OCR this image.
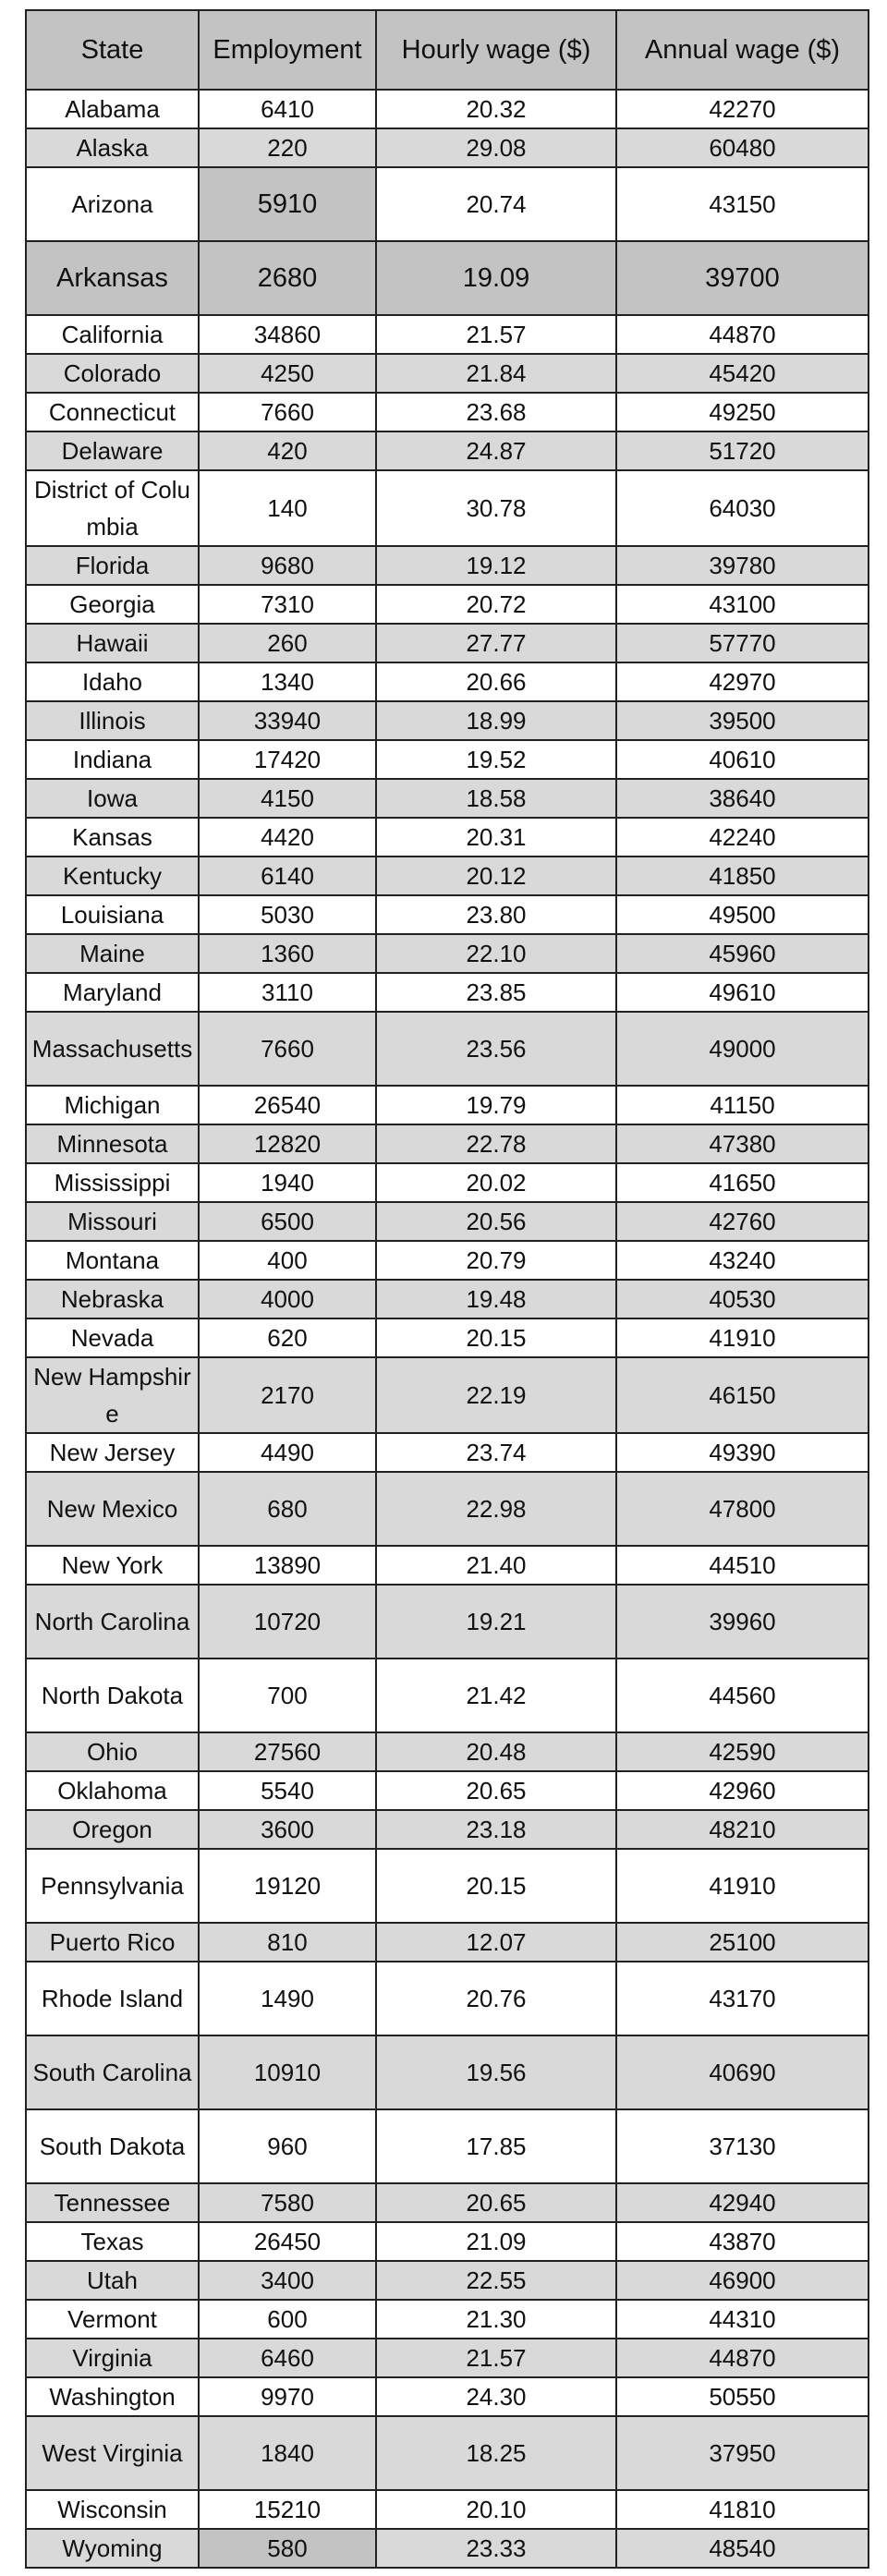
State	Employment	Hourly wage ($)	Annual wage ($)
Alabama	6410	20.32	42270
Alaska	220	29.08	60480
Arizona	5910	20.74	43150
Arkansas	2680	19.09	39700
California	34860	21.57	44870
Colorado	4250	21.84	45420
Connecticut	7660	23.68	49250
Delaware	420	24.87	51720
District of Columbia	140	30.78	64030
Florida	9680	19.12	39780
Georgia	7310	20.72	43100
Hawaii	260	27.77	57770
Idaho	1340	20.66	42970
Illinois	33940	18.99	39500
Indiana	17420	19.52	40610
Iowa	4150	18.58	38640
Kansas	4420	20.31	42240
Kentucky	6140	20.12	41850
Louisiana	5030	23.80	49500
Maine	1360	22.10	45960
Maryland	3110	23.85	49610
Massachusetts	7660	23.56	49000
Michigan	26540	19.79	41150
Minnesota	12820	22.78	47380
Mississippi	1940	20.02	41650
Missouri	6500	20.56	42760
Montana	400	20.79	43240
Nebraska	4000	19.48	40530
Nevada	620	20.15	41910
New Hampshire	2170	22.19	46150
New Jersey	4490	23.74	49390
New Mexico	680	22.98	47800
New York	13890	21.40	44510
North Carolina	10720	19.21	39960
North Dakota	700	21.42	44560
Ohio	27560	20.48	42590
Oklahoma	5540	20.65	42960
Oregon	3600	23.18	48210
Pennsylvania	19120	20.15	41910
Puerto Rico	810	12.07	25100
Rhode Island	1490	20.76	43170
South Carolina	10910	19.56	40690
South Dakota	960	17.85	37130
Tennessee	7580	20.65	42940
Texas	26450	21.09	43870
Utah	3400	22.55	46900
Vermont	600	21.30	44310
Virginia	6460	21.57	44870
Washington	9970	24.30	50550
West Virginia	1840	18.25	37950
Wisconsin	15210	20.10	41810
Wyoming	580	23.33	48540
